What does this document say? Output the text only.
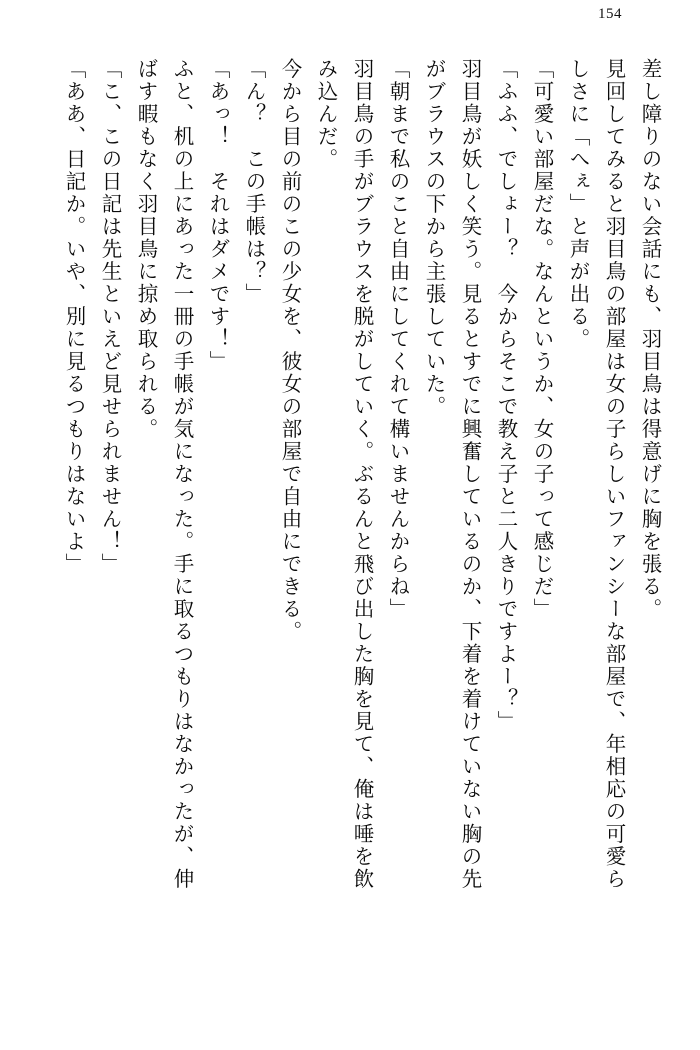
154
差し障りのない会話にも、羽目鳥は得意げに胸を張る。
見回してみると羽目鳥の部屋は女の子らしいファンシーな部屋で、年相応の可愛ら
しさに「へぇ」と声が出る。
「可愛い部屋だな。なんというか、女の子って感じだ」
「ふふ、でしょー？　今からそこで教え子と二人きりですよー？」
羽目鳥が妖しく笑う。見るとすでに興奮しているのか、下着を着けていない胸の先
がブラウスの下から主張していた。
「朝まで私のこと自由にしてくれて構いませんからね」
羽目鳥の手がブラウスを脱がしていく。ぶるんと飛び出した胸を見て、俺は唾を飲
み込んだ。
今から目の前のこの少女を、彼女の部屋で自由にできる。
「ん？　この手帳は？」
「あっ！　それはダメです！」
ふと、机の上にあった一冊の手帳が気になった。手に取るつもりはなかったが、伸
ばす暇もなく羽目鳥に掠め取られる。
「こ、この日記は先生といえど見せられません！」
「ああ、日記か。いや、別に見るつもりはないよ」
